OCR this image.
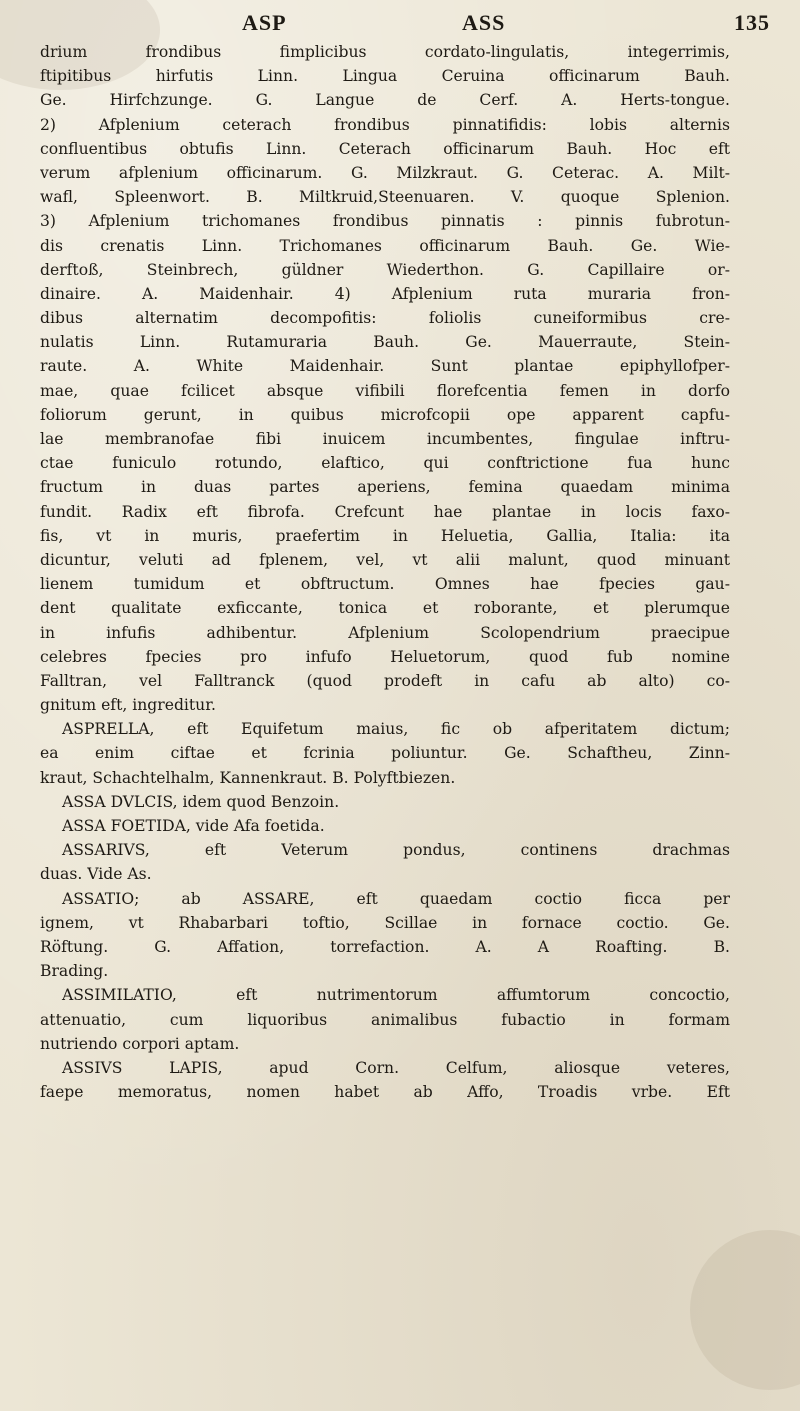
ASP	ASS	135
drium frondibus fimplicibus cordato-lingulatis, integerrimis,
ftipitibus hirfutis Linn. Lingua Ceruina officinarum Bauh.
Ge. Hirfchzunge. G. Langue de Cerf. A. Herts-tongue.
2) Afplenium ceterach frondibus pinnatifidis: lobis alternis
confluentibus obtufis Linn. Ceterach officinarum Bauh. Hoc eft
verum afplenium officinarum. G. Milzkraut. G. Ceterac. A. Milt-
wafl, Spleenwort. B. Miltkruid,Steenuaren. V. quoque Splenion.
3) Afplenium trichomanes frondibus pinnatis : pinnis fubrotun-
dis crenatis Linn. Trichomanes officinarum Bauh. Ge. Wie-
derftoß, Steinbrech, güldner Wiederthon. G. Capillaire or-
dinaire. A. Maidenhair. 4) Afplenium ruta muraria fron-
dibus alternatim decompofitis: foliolis cuneiformibus cre-
nulatis Linn. Rutamuraria Bauh. Ge. Mauerraute, Stein-
raute. A. White Maidenhair. Sunt plantae epiphyllofper-
mae, quae fcilicet absque vifibili florefcentia femen in dorfo
foliorum gerunt, in quibus microfcopii ope apparent capfu-
lae membranofae fibi inuicem incumbentes, fingulae inftru-
ctae funiculo rotundo, elaftico, qui conftrictione fua hunc
fructum in duas partes aperiens, femina quaedam minima
fundit. Radix eft fibrofa. Crefcunt hae plantae in locis faxo-
fis, vt in muris, praefertim in Heluetia, Gallia, Italia: ita
dicuntur, veluti ad fplenem, vel, vt alii malunt, quod minuant
lienem tumidum et obftructum. Omnes hae fpecies gau-
dent qualitate exficcante, tonica et roborante, et plerumque
in infufis adhibentur. Afplenium Scolopendrium praecipue
celebres fpecies pro infufo Heluetorum, quod fub nomine
Falltran, vel Falltranck (quod prodeft in cafu ab alto) co-
gnitum eft, ingreditur.
ASPRELLA, eft Equifetum maius, fic ob afperitatem dictum;
ea enim ciftae et fcrinia poliuntur. Ge. Schaftheu, Zinn-
kraut, Schachtelhalm, Kannenkraut. B. Polyftbiezen.
ASSA DVLCIS, idem quod Benzoin.
ASSA FOETIDA, vide Afa foetida.
ASSARIVS, eft Veterum pondus, continens drachmas
duas. Vide As.
ASSATIO; ab ASSARE, eft quaedam coctio ficca per
ignem, vt Rhabarbari toftio, Scillae in fornace coctio. Ge.
Röftung. G. Affation, torrefaction. A. A Roafting. B.
Brading.
ASSIMILATIO, eft nutrimentorum affumtorum concoctio,
attenuatio, cum liquoribus animalibus fubactio in formam
nutriendo corpori aptam.
ASSIVS LAPIS, apud Corn. Celfum, aliosque veteres,
faepe memoratus, nomen habet ab Affo, Troadis vrbe. Eft
